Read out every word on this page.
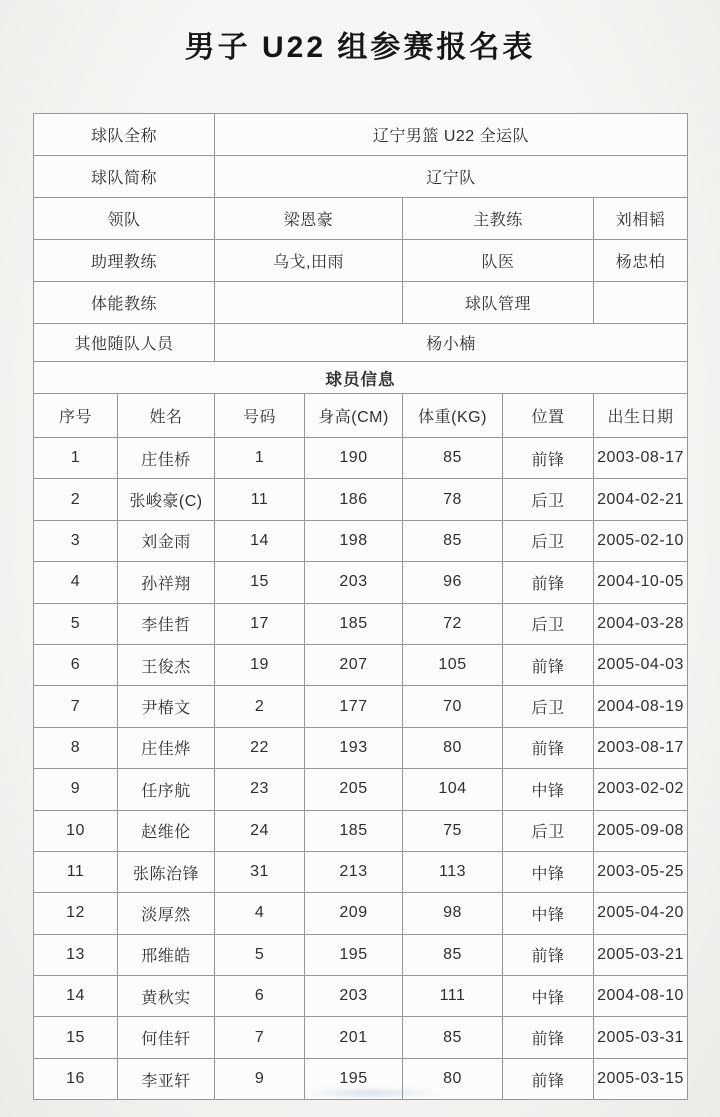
男子 U22 组参赛报名表
球队全称		辽宁男篮 U22 全运队				
球队简称		辽宁队				
领队		梁恩豪		主教练		刘相韬
助理教练		乌戈,田雨		队医		杨忠柏
体能教练				球队管理		
其他随队人员		杨小楠				
球员信息						
序号	姓名	号码	身高(CM)	体重(KG)	位置	出生日期
1	庄佳桥	1	190	85	前锋	2003-08-17
2	张峻豪(C)	11	186	78	后卫	2004-02-21
3	刘金雨	14	198	85	后卫	2005-02-10
4	孙祥翔	15	203	96	前锋	2004-10-05
5	李佳哲	17	185	72	后卫	2004-03-28
6	王俊杰	19	207	105	前锋	2005-04-03
7	尹椿文	2	177	70	后卫	2004-08-19
8	庄佳烨	22	193	80	前锋	2003-08-17
9	任序航	23	205	104	中锋	2003-02-02
10	赵维伦	24	185	75	后卫	2005-09-08
11	张陈治锋	31	213	113	中锋	2003-05-25
12	淡厚然	4	209	98	中锋	2005-04-20
13	邢维皓	5	195	85	前锋	2005-03-21
14	黄秋实	6	203	111	中锋	2004-08-10
15	何佳轩	7	201	85	前锋	2005-03-31
16	李亚轩	9	195	80	前锋	2005-03-15
